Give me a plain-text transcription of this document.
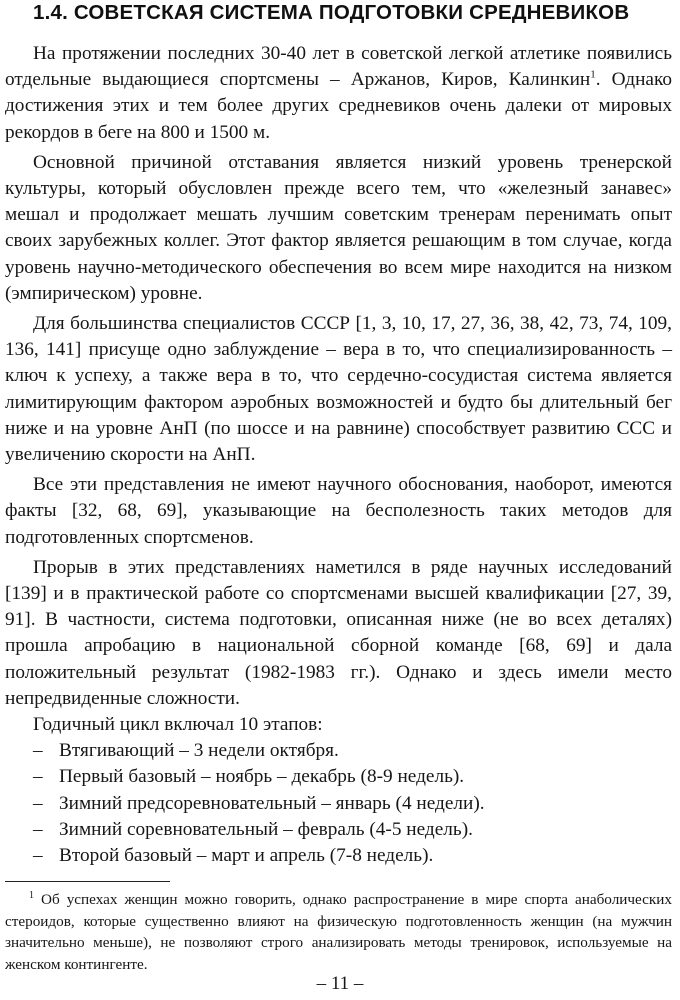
1.4. СОВЕТСКАЯ СИСТЕМА ПОДГОТОВКИ СРЕДНЕВИКОВ

На протяжении последних 30-40 лет в советской легкой атлетике появились отдельные выдающиеся спортсмены – Аржанов, Киров, Калинкин$^1$. Однако достижения этих и тем более других средневиков очень далеки от мировых рекордов в беге на 800 и 1500 м.

Основной причиной отставания является низкий уровень тренерской культуры, который обусловлен прежде всего тем, что «железный занавес» мешал и продолжает мешать лучшим советским тренерам перенимать опыт своих зарубежных коллег. Этот фактор является решающим в том случае, когда уровень научно-методического обеспечения во всем мире находится на низком (эмпирическом) уровне.

Для большинства специалистов СССР [1, 3, 10, 17, 27, 36, 38, 42, 73, 74, 109, 136, 141] присуще одно заблуждение – вера в то, что специализированность – ключ к успеху, а также вера в то, что сердечно-сосудистая система является лимитирующим фактором аэробных возможностей и будто бы длительный бег ниже и на уровне АнП (по шоссе и на равнине) способствует развитию ССС и увеличению скорости на АнП.

Все эти представления не имеют научного обоснования, наоборот, имеются факты [32, 68, 69], указывающие на бесполезность таких методов для подготовленных спортсменов.

Прорыв в этих представлениях наметился в ряде научных исследований [139] и в практической работе со спортсменами высшей квалификации [27, 39, 91]. В частности, система подготовки, описанная ниже (не во всех деталях) прошла апробацию в национальной сборной команде [68, 69] и дала положительный результат (1982-1983 гг.). Однако и здесь имели место непредвиденные сложности.

Годичный цикл включал 10 этапов:

– Втягивающий – 3 недели октября.
– Первый базовый – ноябрь – декабрь (8-9 недель).
– Зимний предсоревновательный – январь (4 недели).
– Зимний соревновательный – февраль (4-5 недель).
– Второй базовый – март и апрель (7-8 недель).

$^1$ Об успехах женщин можно говорить, однако распространение в мире спорта анаболических стероидов, которые существенно влияют на физическую подготовленность женщин (на мужчин значительно меньше), не позволяют строго анализировать методы тренировок, используемые на женском контингенте.

– 11 –
